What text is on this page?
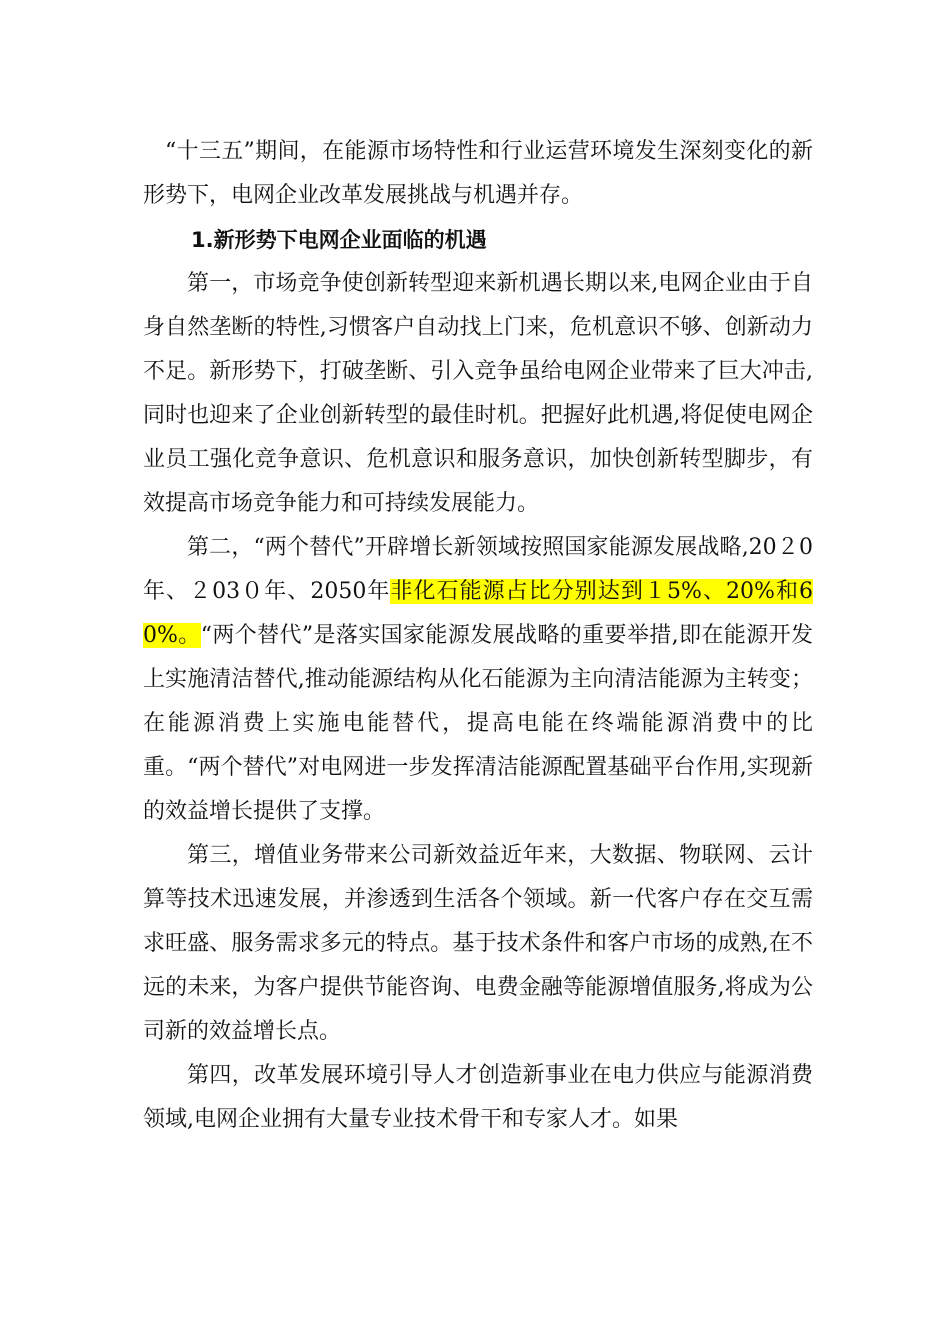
“十三五”期间，在能源市场特性和行业运营环境发生深刻变化的新形势下，电网企业改革发展挑战与机遇并存。

1.新形势下电网企业面临的机遇

第一，市场竞争使创新转型迎来新机遇长期以来,电网企业由于自身自然垄断的特性,习惯客户自动找上门来，危机意识不够、创新动力不足。新形势下，打破垄断、引入竞争虽给电网企业带来了巨大冲击,同时也迎来了企业创新转型的最佳时机。把握好此机遇,将促使电网企业员工强化竞争意识、危机意识和服务意识，加快创新转型脚步，有效提高市场竞争能力和可持续发展能力。

第二，“两个替代”开辟增长新领域按照国家能源发展战略,20２0年、２03０年、2050年非化石能源占比分别达到１5%、20%和60%。“两个替代”是落实国家能源发展战略的重要举措,即在能源开发上实施清洁替代,推动能源结构从化石能源为主向清洁能源为主转变；在能源消费上实施电能替代，提高电能在终端能源消费中的比重。“两个替代”对电网进一步发挥清洁能源配置基础平台作用,实现新的效益增长提供了支撑。

第三，增值业务带来公司新效益近年来，大数据、物联网、云计算等技术迅速发展，并渗透到生活各个领域。新一代客户存在交互需求旺盛、服务需求多元的特点。基于技术条件和客户市场的成熟,在不远的未来，为客户提供节能咨询、电费金融等能源增值服务,将成为公司新的效益增长点。

第四，改革发展环境引导人才创造新事业在电力供应与能源消费领域,电网企业拥有大量专业技术骨干和专家人才。如果
